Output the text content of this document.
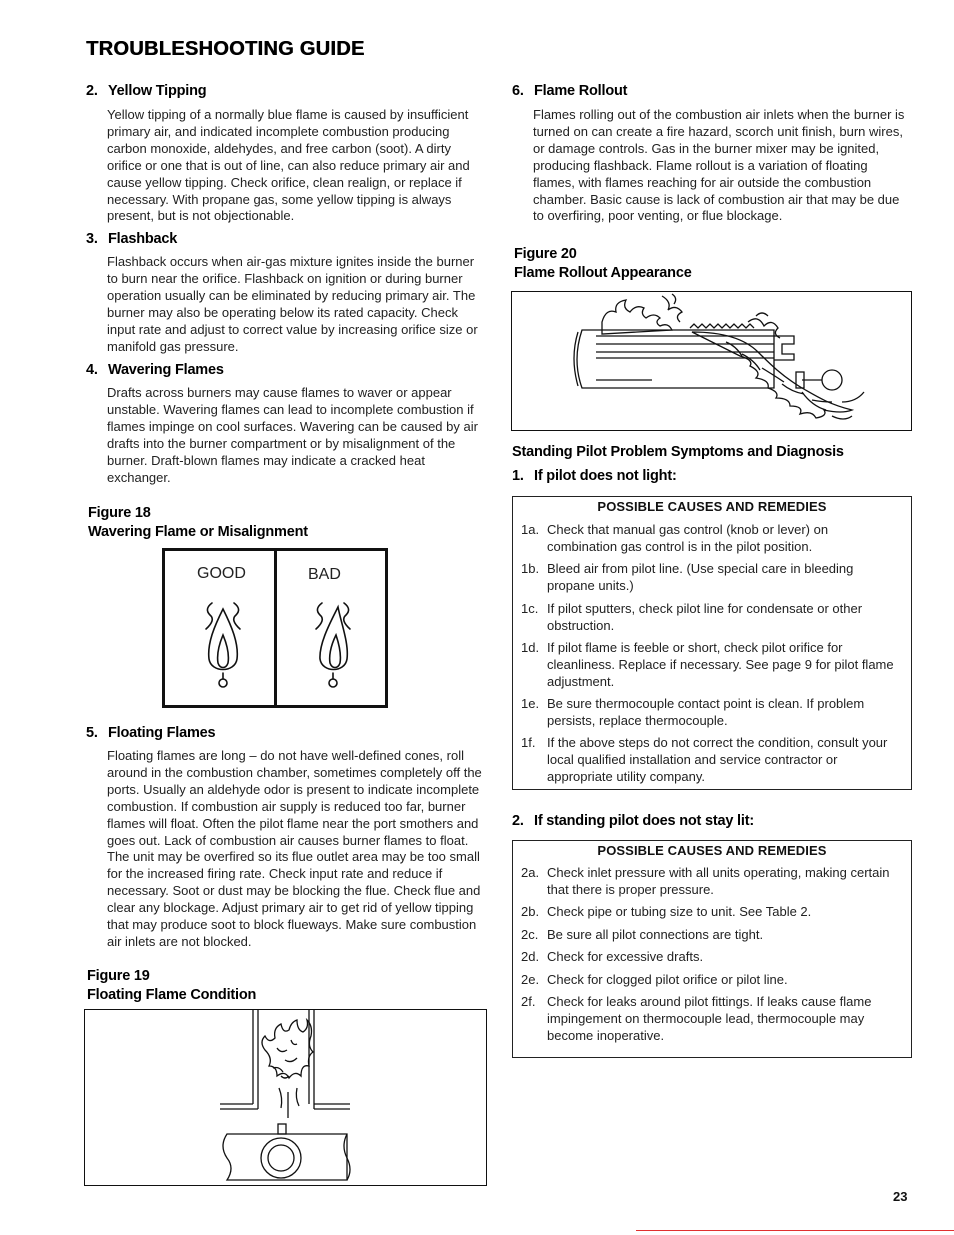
TROUBLESHOOTING GUIDE
2. Yellow Tipping
Yellow tipping of a normally blue flame is caused by insufficient primary air, and indicated incomplete combustion producing carbon monoxide, aldehydes, and free carbon (soot). A dirty orifice or one that is out of line, can also reduce primary air and cause yellow tipping. Check orifice, clean realign, or replace if necessary. With propane gas, some yellow tipping is always present, but is not objectionable.
3. Flashback
Flashback occurs when air-gas mixture ignites inside the burner to burn near the orifice. Flashback on ignition or during burner operation usually can be eliminated by reducing primary air. The burner may also be operating below its rated capacity. Check input rate and adjust to correct value by increasing orifice size or manifold gas pressure.
4. Wavering Flames
Drafts across burners may cause flames to waver or appear unstable. Wavering flames can lead to incomplete combustion if flames impinge on cool surfaces. Wavering can be caused by air drafts into the burner compartment or by misalignment of the burner. Draft-blown flames may indicate a cracked heat exchanger.
Figure 18
Wavering Flame or Misalignment
GOOD	BAD
5. Floating Flames
Floating flames are long – do not have well-defined cones, roll around in the combustion chamber, sometimes completely off the ports. Usually an aldehyde odor is present to indicate incomplete combustion. If combustion air supply is reduced too far, burner flames will float. Often the pilot flame near the port smothers and goes out. Lack of combustion air causes burner flames to float. The unit may be overfired so its flue outlet area may be too small for the increased firing rate. Check input rate and reduce if necessary. Soot or dust may be blocking the flue. Check flue and clear any blockage. Adjust primary air to get rid of yellow tipping that may produce soot to block flueways. Make sure combustion air inlets are not blocked.
Figure 19
Floating Flame Condition
6. Flame Rollout
Flames rolling out of the combustion air inlets when the burner is turned on can create a fire hazard, scorch unit finish, burn wires, or damage controls. Gas in the burner mixer may be ignited, producing flashback. Flame rollout is a variation of floating flames, with flames reaching for air outside the combustion chamber. Basic cause is lack of combustion air that may be due to overfiring, poor venting, or flue blockage.
Figure 20
Flame Rollout Appearance
Standing Pilot Problem Symptoms and Diagnosis
1. If pilot does not light:
POSSIBLE CAUSES AND REMEDIES
1a. Check that manual gas control (knob or lever) on combination gas control is in the pilot position.
1b. Bleed air from pilot line. (Use special care in bleeding propane units.)
1c. If pilot sputters, check pilot line for condensate or other obstruction.
1d. If pilot flame is feeble or short, check pilot orifice for cleanliness. Replace if necessary. See page 9 for pilot flame adjustment.
1e. Be sure thermocouple contact point is clean. If problem persists, replace thermocouple.
1f. If the above steps do not correct the condition, consult your local qualified installation and service contractor or appropriate utility company.
2. If standing pilot does not stay lit:
POSSIBLE CAUSES AND REMEDIES
2a. Check inlet pressure with all units operating, making certain that there is proper pressure.
2b. Check pipe or tubing size to unit. See Table 2.
2c. Be sure all pilot connections are tight.
2d. Check for excessive drafts.
2e. Check for clogged pilot orifice or pilot line.
2f. Check for leaks around pilot fittings. If leaks cause flame impingement on thermocouple lead, thermocouple may become inoperative.
23
